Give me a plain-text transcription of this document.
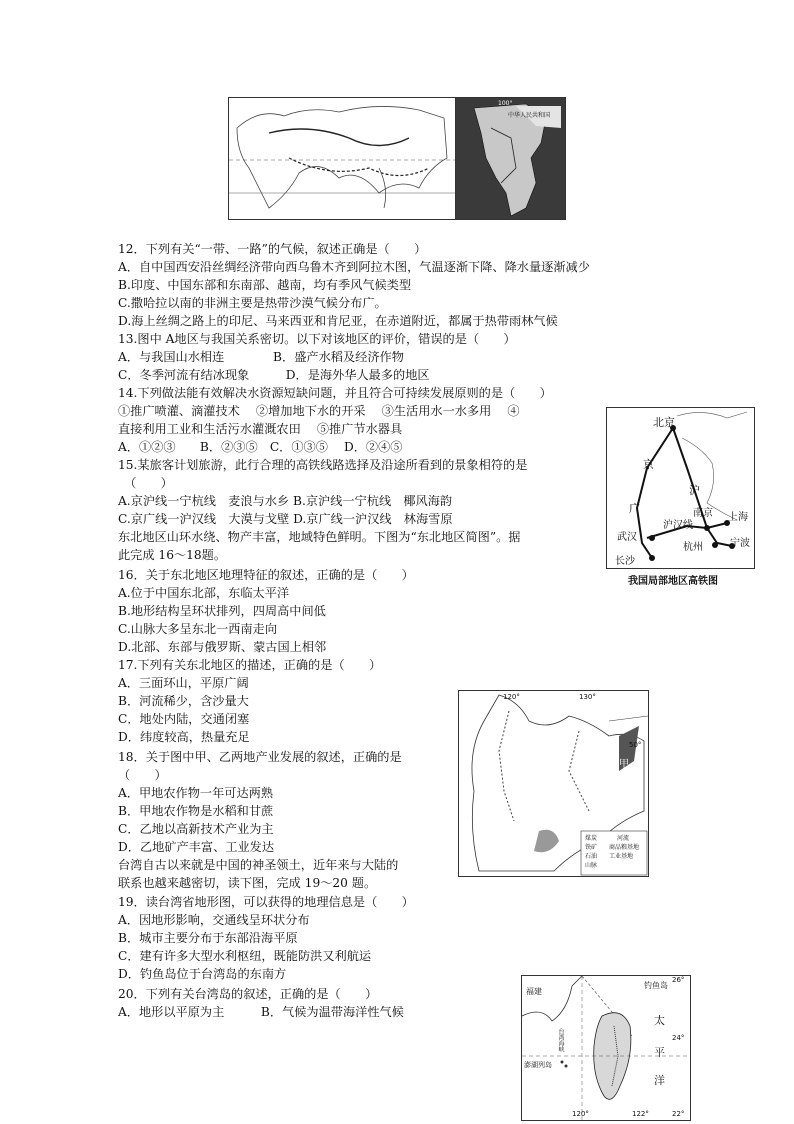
中华人民共和国
100°
12．下列有关“一带、一路”的气候，叙述正确是（　　）
A．自中国西安沿丝绸经济带向西乌鲁木齐到阿拉木图，气温逐渐下降、降水量逐渐减少
B.印度、中国东部和东南部、越南，均有季风气候类型
C.撒哈拉以南的非洲主要是热带沙漠气候分布广。
D.海上丝绸之路上的印尼、马来西亚和肯尼亚，在赤道附近，都属于热带雨林气候
13.图中 A地区与我国关系密切。以下对该地区的评价，错误的是（　　）
A．与我国山水相连　　　　B．盛产水稻及经济作物
C．冬季河流有结冰现象　　　D．是海外华人最多的地区
14.下列做法能有效解决水资源短缺问题，并且符合可持续发展原则的是（　　）
①推广喷灌、滴灌技术　 ②增加地下水的开采　 ③生活用水一水多用　 ④
直接利用工业和生活污水灌溉农田　 ⑤推广节水器具
A．①②③　　B．②③⑤　C．①③⑤　 D．②④⑤
15.某旅客计划旅游，此行合理的高铁线路选择及沿途所看到的景象相符的是
　（　　）
A.京沪线一宁杭线　麦浪与水乡 B.京沪线一宁杭线　椰风海韵
C.京广线一沪汉线　大漠与戈壁 D.京广线一沪汉线　林海雪原
东北地区山环水绕、物产丰富，地域特色鲜明。下图为“东北地区简图”。据
此完成 16～18题。
16．关于东北地区地理特征的叙述，正确的是（　　）
A.位于中国东北部，东临太平洋
B.地形结构呈环状排列，四周高中间低
C.山脉大多呈东北一西南走向
D.北部、东部与俄罗斯、蒙古国上相邻
17.下列有关东北地区的描述，正确的是（　　）
A．三面环山，平原广阔
B．河流稀少，含沙量大
C．地处内陆，交通闭塞
D．纬度较高，热量充足
18．关于图中甲、乙两地产业发展的叙述，正确的是
（　　）
A．甲地农作物一年可达两熟
B．甲地农作物是水稻和甘蔗
C．乙地以高新技术产业为主
D．乙地矿产丰富、工业发达
台湾自古以来就是中国的神圣领土，近年来与大陆的
联系也越来越密切，读下图，完成 19～20 题。
19．读台湾省地形图，可以获得的地理信息是（　　）
A．因地形影响，交通线呈环状分布
B．城市主要分布于东部沿海平原
C．建有许多大型水利枢纽，既能防洪又利航运
D．钓鱼岛位于台湾岛的东南方
20．下列有关台湾岛的叙述，正确的是（　　）
A．地形以平原为主　　　B．气候为温带海洋性气候
北京
京
沪
广	南京 上海
沪汉线
武汉
杭州	宁波
长沙
我国局部地区高铁图
120°	130°
50°
甲
煤炭	河流
铁矿 商品粮基地
石油 工业基地
山脉
福建
钓鱼岛
26°
太
24°
平
台湾海峡
澎湖列岛
洋
120°	122°	22°
